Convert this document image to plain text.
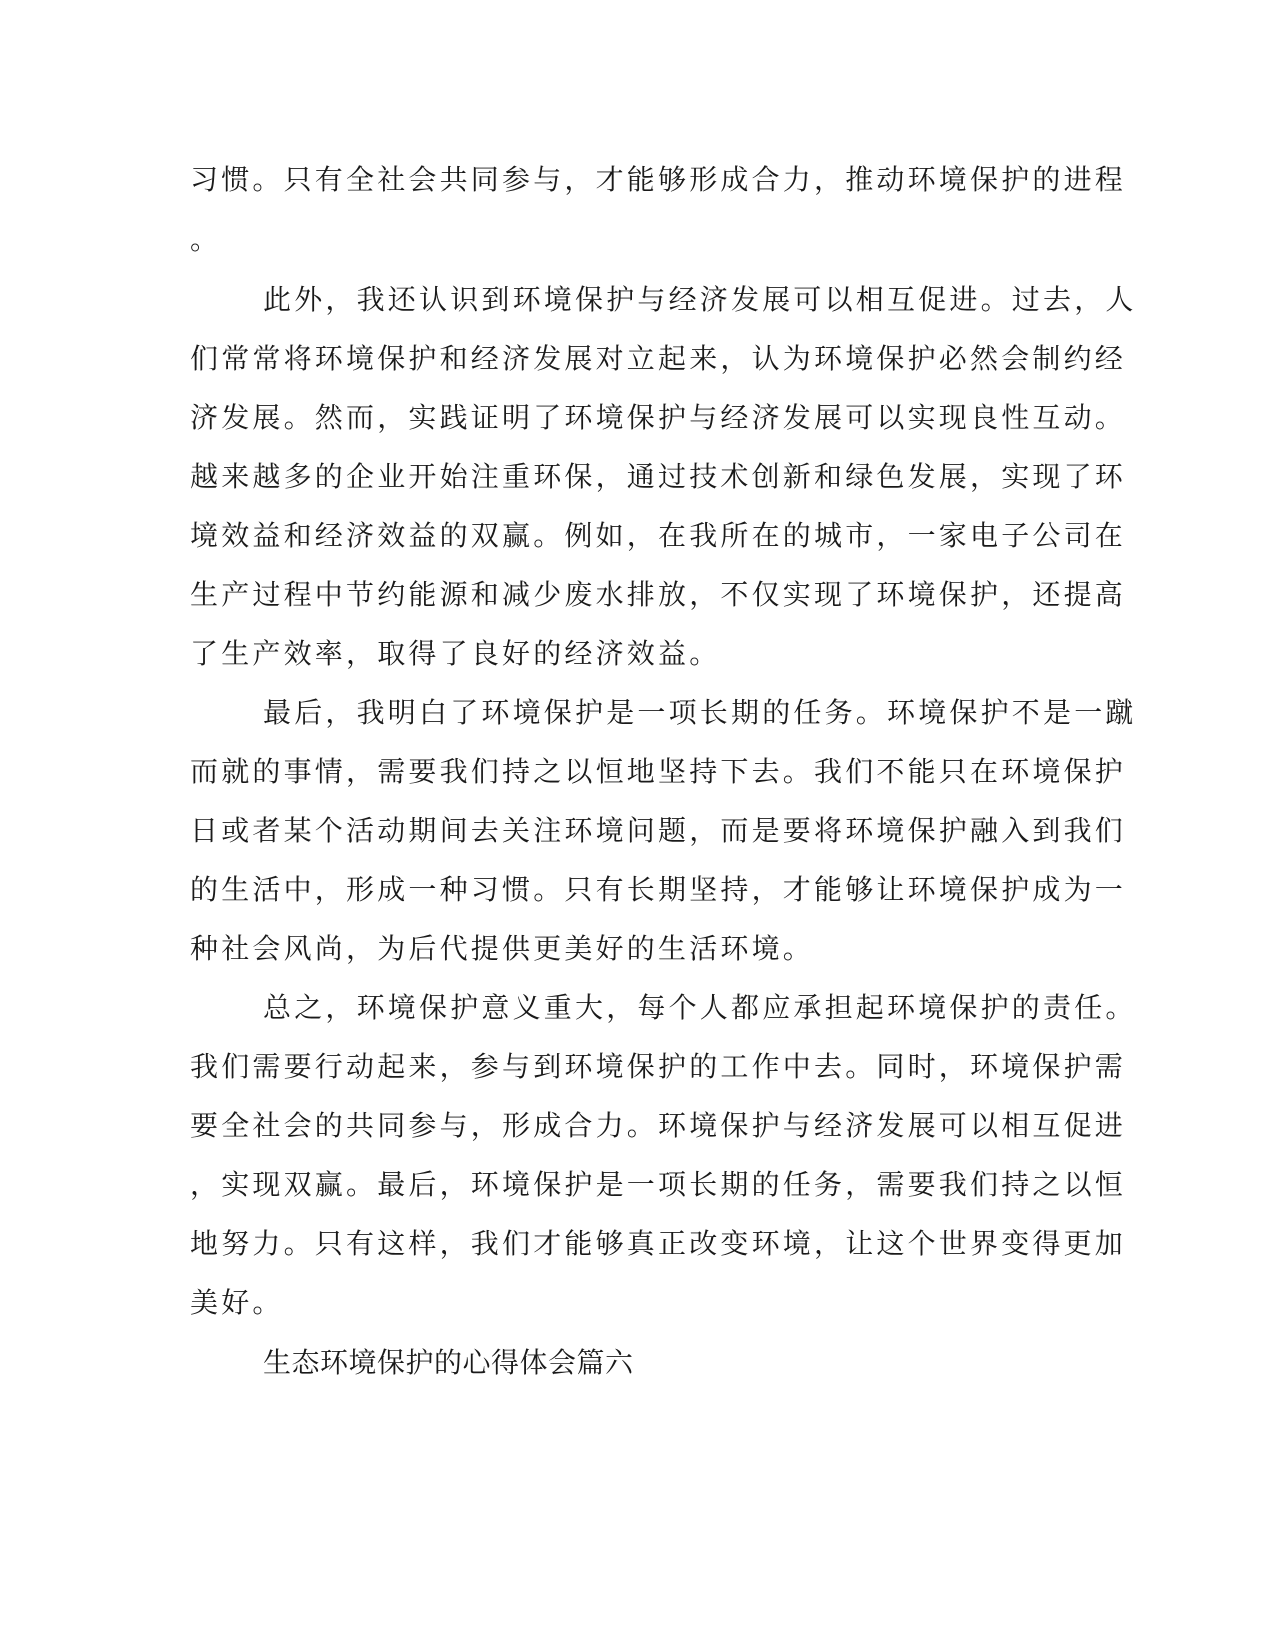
习惯。只有全社会共同参与，才能够形成合力，推动环境保护的进程
。
此外，我还认识到环境保护与经济发展可以相互促进。过去，人
们常常将环境保护和经济发展对立起来，认为环境保护必然会制约经
济发展。然而，实践证明了环境保护与经济发展可以实现良性互动。
越来越多的企业开始注重环保，通过技术创新和绿色发展，实现了环
境效益和经济效益的双赢。例如，在我所在的城市，一家电子公司在
生产过程中节约能源和减少废水排放，不仅实现了环境保护，还提高
了生产效率，取得了良好的经济效益。
最后，我明白了环境保护是一项长期的任务。环境保护不是一蹴
而就的事情，需要我们持之以恒地坚持下去。我们不能只在环境保护
日或者某个活动期间去关注环境问题，而是要将环境保护融入到我们
的生活中，形成一种习惯。只有长期坚持，才能够让环境保护成为一
种社会风尚，为后代提供更美好的生活环境。
总之，环境保护意义重大，每个人都应承担起环境保护的责任。
我们需要行动起来，参与到环境保护的工作中去。同时，环境保护需
要全社会的共同参与，形成合力。环境保护与经济发展可以相互促进
，实现双赢。最后，环境保护是一项长期的任务，需要我们持之以恒
地努力。只有这样，我们才能够真正改变环境，让这个世界变得更加
美好。
生态环境保护的心得体会篇六
